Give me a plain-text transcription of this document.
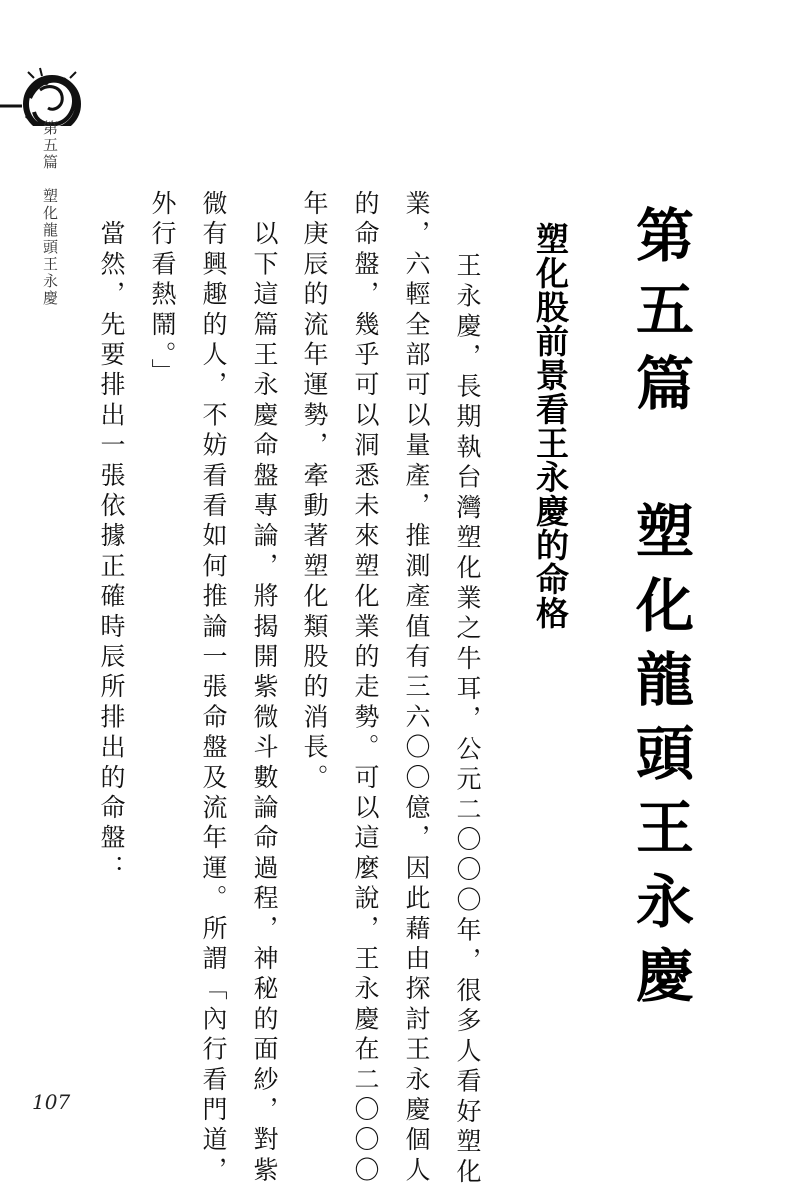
第五篇
塑化龍頭王永慶	第五篇　塑化龍頭王永慶
塑化股前景看王永慶的命格
　王永慶，長期執台灣塑化業之牛耳，公元二〇〇〇年，很多人看好塑化
業，六輕全部可以量產，推測產值有三六〇〇億，因此藉由探討王永慶個人
的命盤，幾乎可以洞悉未來塑化業的走勢。可以這麼說，王永慶在二〇〇〇
年庚辰的流年運勢，牽動著塑化類股的消長。
　以下這篇王永慶命盤專論，將揭開紫微斗數論命過程，神秘的面紗，對紫
微有興趣的人，不妨看看如何推論一張命盤及流年運。所謂「內行看門道，
外行看熱鬧。」
　當然，先要排出一張依據正確時辰所排出的命盤：
107
